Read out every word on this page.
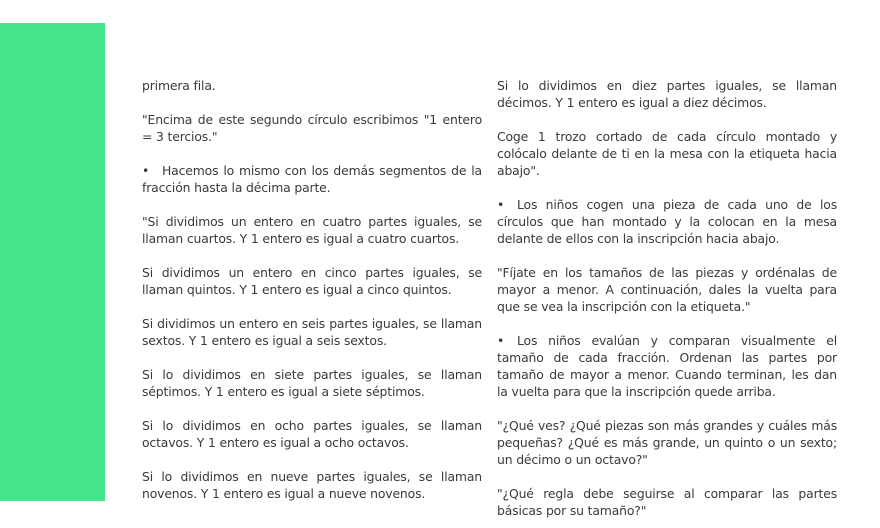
primera fila.

"Encima de este segundo círculo escribimos "1 entero = 3 tercios."

• Hacemos lo mismo con los demás segmentos de la fracción hasta la décima parte.

"Si dividimos un entero en cuatro partes iguales, se llaman cuartos. Y 1 entero es igual a cuatro cuartos.

Si dividimos un entero en cinco partes iguales, se llaman quintos. Y 1 entero es igual a cinco quintos.

Si dividimos un entero en seis partes iguales, se llaman sextos. Y 1 entero es igual a seis sextos.

Si lo dividimos en siete partes iguales, se llaman séptimos. Y 1 entero es igual a siete séptimos.

Si lo dividimos en ocho partes iguales, se llaman octavos. Y 1 entero es igual a ocho octavos.

Si lo dividimos en nueve partes iguales, se llaman novenos. Y 1 entero es igual a nueve novenos.

Si lo dividimos en diez partes iguales, se llaman décimos. Y 1 entero es igual a diez décimos.

Coge 1 trozo cortado de cada círculo montado y colócalo delante de ti en la mesa con la etiqueta hacia abajo".

• Los niños cogen una pieza de cada uno de los círculos que han montado y la colocan en la mesa delante de ellos con la inscripción hacia abajo.

"Fíjate en los tamaños de las piezas y ordénalas de mayor a menor. A continuación, dales la vuelta para que se vea la inscripción con la etiqueta."

• Los niños evalúan y comparan visualmente el tamaño de cada fracción. Ordenan las partes por tamaño de mayor a menor. Cuando terminan, les dan la vuelta para que la inscripción quede arriba.

"¿Qué ves? ¿Qué piezas son más grandes y cuáles más pequeñas? ¿Qué es más grande, un quinto o un sexto; un décimo o un octavo?"

"¿Qué regla debe seguirse al comparar las partes básicas por su tamaño?"
